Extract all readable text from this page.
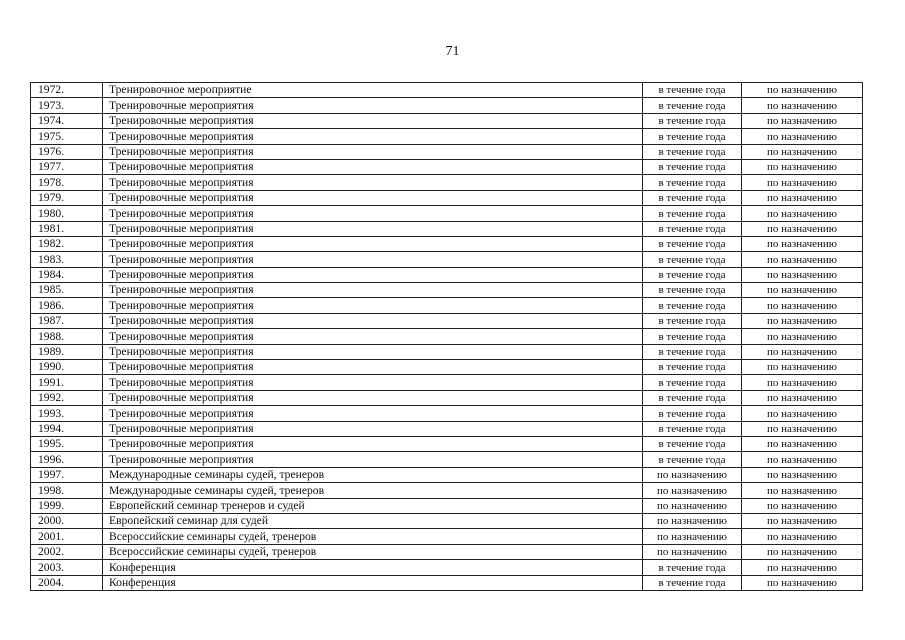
71
1972.	Тренировочное мероприятие	в течение года	по назначению
1973.	Тренировочные мероприятия	в течение года	по назначению
1974.	Тренировочные мероприятия	в течение года	по назначению
1975.	Тренировочные мероприятия	в течение года	по назначению
1976.	Тренировочные мероприятия	в течение года	по назначению
1977.	Тренировочные мероприятия	в течение года	по назначению
1978.	Тренировочные мероприятия	в течение года	по назначению
1979.	Тренировочные мероприятия	в течение года	по назначению
1980.	Тренировочные мероприятия	в течение года	по назначению
1981.	Тренировочные мероприятия	в течение года	по назначению
1982.	Тренировочные мероприятия	в течение года	по назначению
1983.	Тренировочные мероприятия	в течение года	по назначению
1984.	Тренировочные мероприятия	в течение года	по назначению
1985.	Тренировочные мероприятия	в течение года	по назначению
1986.	Тренировочные мероприятия	в течение года	по назначению
1987.	Тренировочные мероприятия	в течение года	по назначению
1988.	Тренировочные мероприятия	в течение года	по назначению
1989.	Тренировочные мероприятия	в течение года	по назначению
1990.	Тренировочные мероприятия	в течение года	по назначению
1991.	Тренировочные мероприятия	в течение года	по назначению
1992.	Тренировочные мероприятия	в течение года	по назначению
1993.	Тренировочные мероприятия	в течение года	по назначению
1994.	Тренировочные мероприятия	в течение года	по назначению
1995.	Тренировочные мероприятия	в течение года	по назначению
1996.	Тренировочные мероприятия	в течение года	по назначению
1997.	Международные семинары судей, тренеров	по назначению	по назначению
1998.	Международные семинары судей, тренеров	по назначению	по назначению
1999.	Европейский семинар тренеров и судей	по назначению	по назначению
2000.	Европейский семинар для судей	по назначению	по назначению
2001.	Всероссийские семинары судей, тренеров	по назначению	по назначению
2002.	Всероссийские семинары судей, тренеров	по назначению	по назначению
2003.	Конференция	в течение года	по назначению
2004.	Конференция	в течение года	по назначению
